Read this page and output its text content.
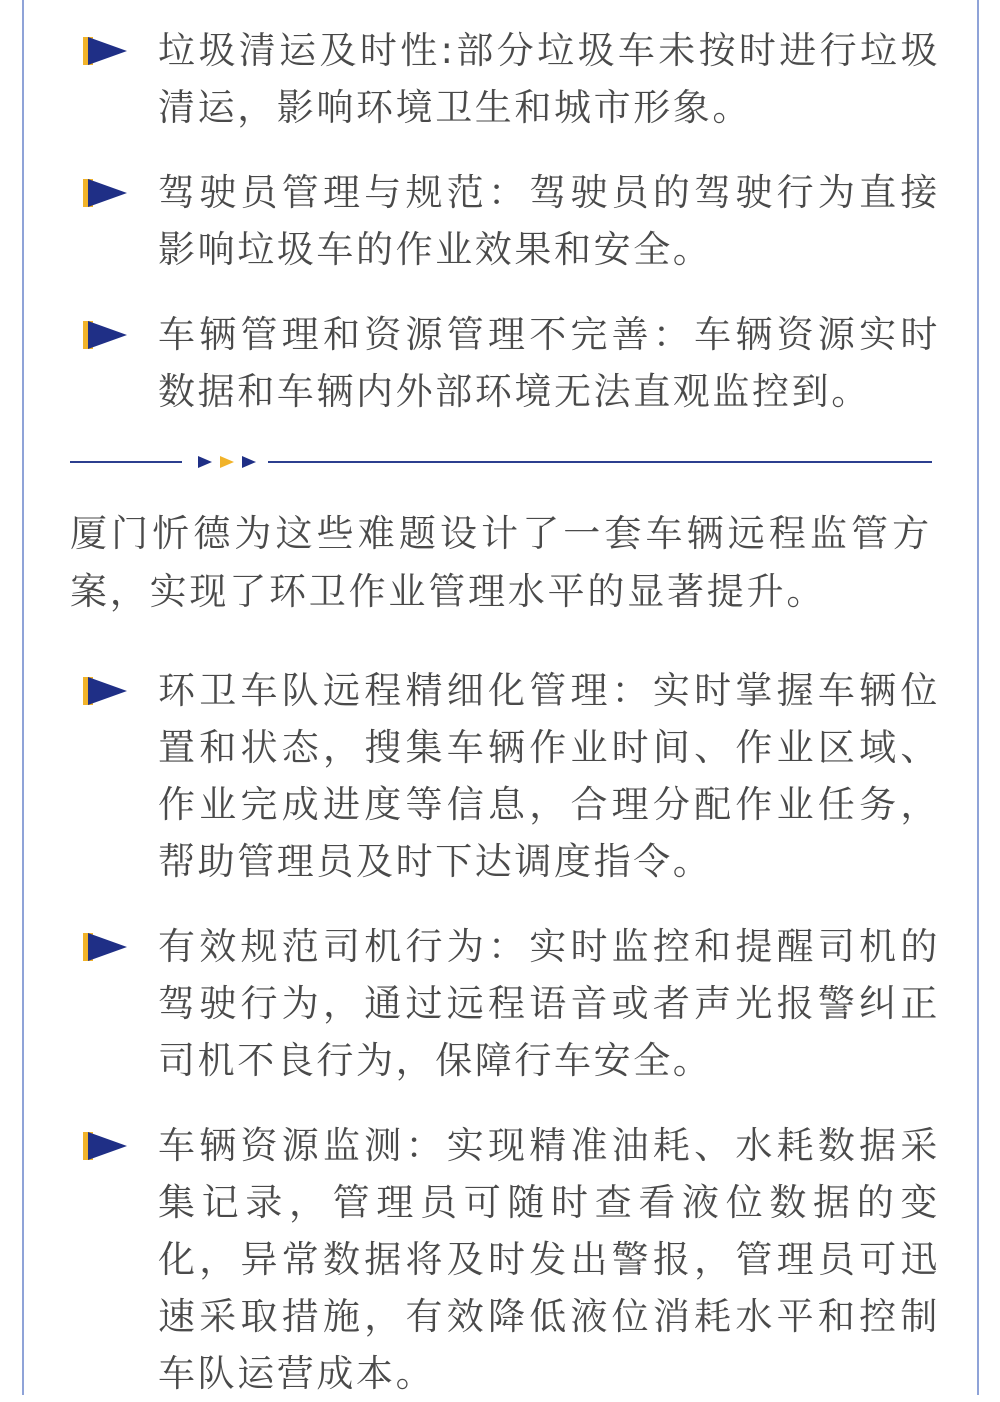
垃圾清运及时性:部分垃圾车未按时进行垃圾清运，影响环境卫生和城市形象。

驾驶员管理与规范：驾驶员的驾驶行为直接影响垃圾车的作业效果和安全。

车辆管理和资源管理不完善：车辆资源实时数据和车辆内外部环境无法直观监控到。

厦门忻德为这些难题设计了一套车辆远程监管方案，实现了环卫作业管理水平的显著提升。

环卫车队远程精细化管理：实时掌握车辆位置和状态，搜集车辆作业时间、作业区域、作业完成进度等信息，合理分配作业任务，帮助管理员及时下达调度指令。

有效规范司机行为：实时监控和提醒司机的驾驶行为，通过远程语音或者声光报警纠正司机不良行为，保障行车安全。

车辆资源监测：实现精准油耗、水耗数据采集记录，管理员可随时查看液位数据的变化，异常数据将及时发出警报，管理员可迅速采取措施，有效降低液位消耗水平和控制车队运营成本。
